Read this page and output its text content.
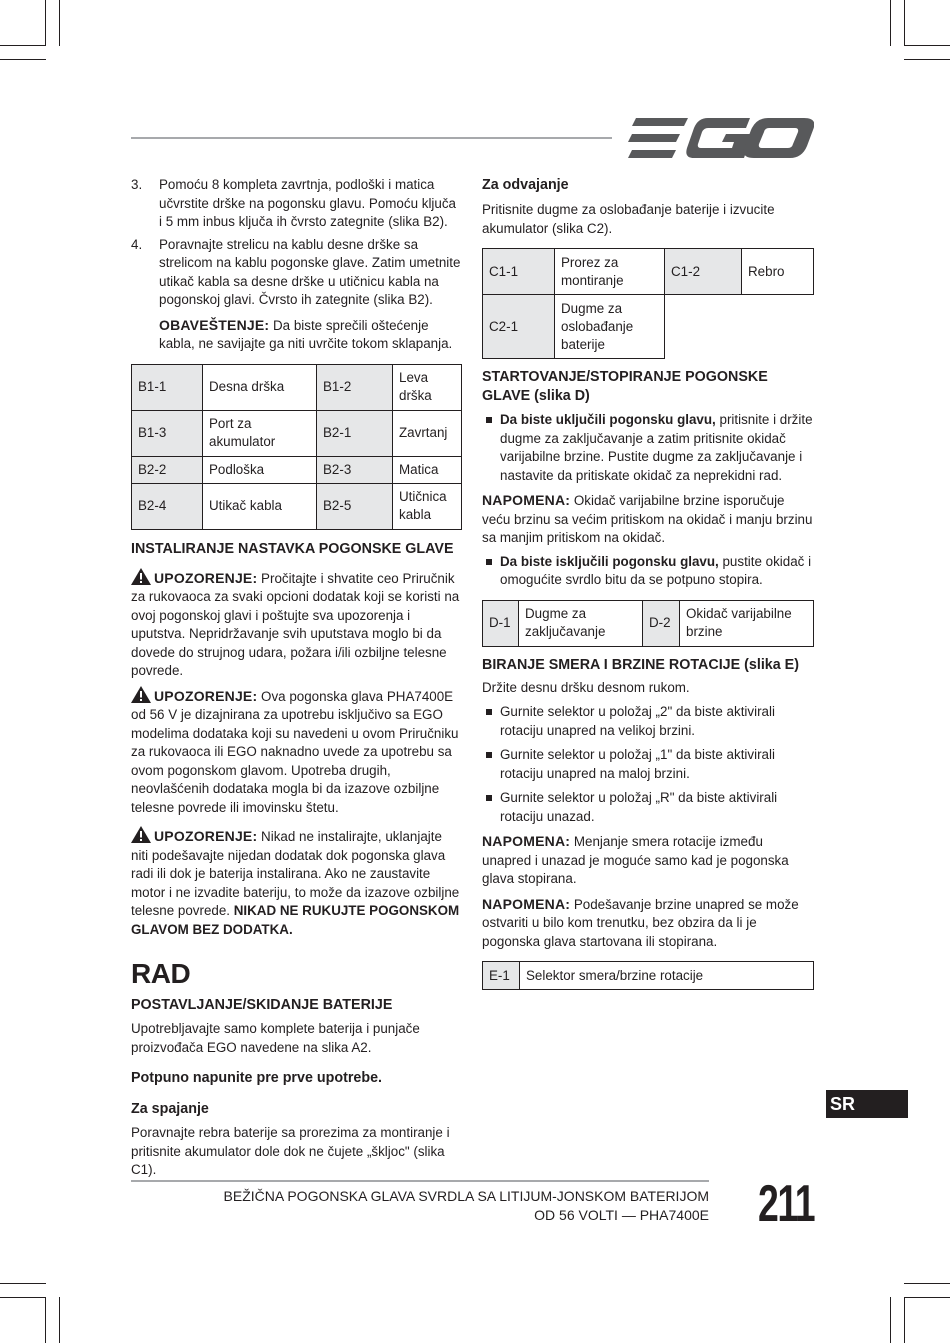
3.	Pomoću 8 kompleta zavrtnja, podloški i matica učvrstite drške na pogonsku glavu. Pomoću ključa i 5 mm inbus ključa ih čvrsto zategnite (slika B2).
4.	Poravnajte strelicu na kablu desne drške sa strelicom na kablu pogonske glave. Zatim umetnite utikač kabla sa desne drške u utičnicu kabla na pogonskoj glavi. Čvrsto ih zategnite (slika B2).
OBAVEŠTENJE: Da biste sprečili oštećenje kabla, ne savijajte ga niti uvrčite tokom sklapanja.
B1-1	Desna drška	B1-2	Leva drška
B1-3	Port za akumulator	B2-1	Zavrtanj
B2-2	Podloška	B2-3	Matica
B2-4	Utikač kabla	B2-5	Utičnica kabla
INSTALIRANJE NASTAVKA POGONSKE GLAVE
UPOZORENJE: Pročitajte i shvatite ceo Priručnik za rukovaoca za svaki opcioni dodatak koji se koristi na ovoj pogonskoj glavi i poštujte sva upozorenja i uputstva. Nepridržavanje svih uputstava moglo bi da dovede do strujnog udara, požara i/ili ozbiljne telesne povrede.
UPOZORENJE: Ova pogonska glava PHA7400E od 56 V je dizajnirana za upotrebu isključivo sa EGO modelima dodataka koji su navedeni u ovom Priručniku za rukovaoca ili EGO naknadno uvede za upotrebu sa ovom pogonskom glavom. Upotreba drugih, neovlašćenih dodataka mogla bi da izazove ozbiljne telesne povrede ili imovinsku štetu.
UPOZORENJE: Nikad ne instalirajte, uklanjajte niti podešavajte nijedan dodatak dok pogonska glava radi ili dok je baterija instalirana. Ako ne zaustavite motor i ne izvadite bateriju, to može da izazove ozbiljne telesne povrede. NIKAD NE RUKUJTE POGONSKOM GLAVOM BEZ DODATKA.
RAD
POSTAVLJANJE/SKIDANJE BATERIJE
Upotrebljavajte samo komplete baterija i punjače proizvođača EGO navedene na slika A2.
Potpuno napunite pre prve upotrebe.
Za spajanje
Poravnajte rebra baterije sa prorezima za montiranje i pritisnite akumulator dole dok ne čujete „škljoc" (slika C1).
Za odvajanje
Pritisnite dugme za oslobađanje baterije i izvucite akumulator (slika C2).
C1-1	Prorez za montiranje	C1-2	Rebro
C2-1	Dugme za oslobađanje baterije		
STARTOVANJE/STOPIRANJE POGONSKE GLAVE (slika D)
Da biste uključili pogonsku glavu, pritisnite i držite dugme za zaključavanje a zatim pritisnite okidač varijabilne brzine. Pustite dugme za zaključavanje i nastavite da pritiskate okidač za neprekidni rad.
NAPOMENA: Okidač varijabilne brzine isporučuje veću brzinu sa većim pritiskom na okidač i manju brzinu sa manjim pritiskom na okidač.
Da biste isključili pogonsku glavu, pustite okidač i omogućite svrdlo bitu da se potpuno stopira.
D-1	Dugme za zaključavanje	D-2	Okidač varijabilne brzine
BIRANJE SMERA I BRZINE ROTACIJE (slika E)
Držite desnu dršku desnom rukom.
Gurnite selektor u položaj „2" da biste aktivirali rotaciju unapred na velikoj brzini.
Gurnite selektor u položaj „1" da biste aktivirali rotaciju unapred na maloj brzini.
Gurnite selektor u položaj „R" da biste aktivirali rotaciju unazad.
NAPOMENA: Menjanje smera rotacije između unapred i unazad je moguće samo kad je pogonska glava stopirana.
NAPOMENA: Podešavanje brzine unapred se može ostvariti u bilo kom trenutku, bez obzira da li je pogonska glava startovana ili stopirana.
E-1	Selektor smera/brzine rotacije
SR
BEŽIČNA POGONSKA GLAVA SVRDLA SA LITIJUM-JONSKOM BATERIJOM
OD 56 VOLTI — PHA7400E 211
